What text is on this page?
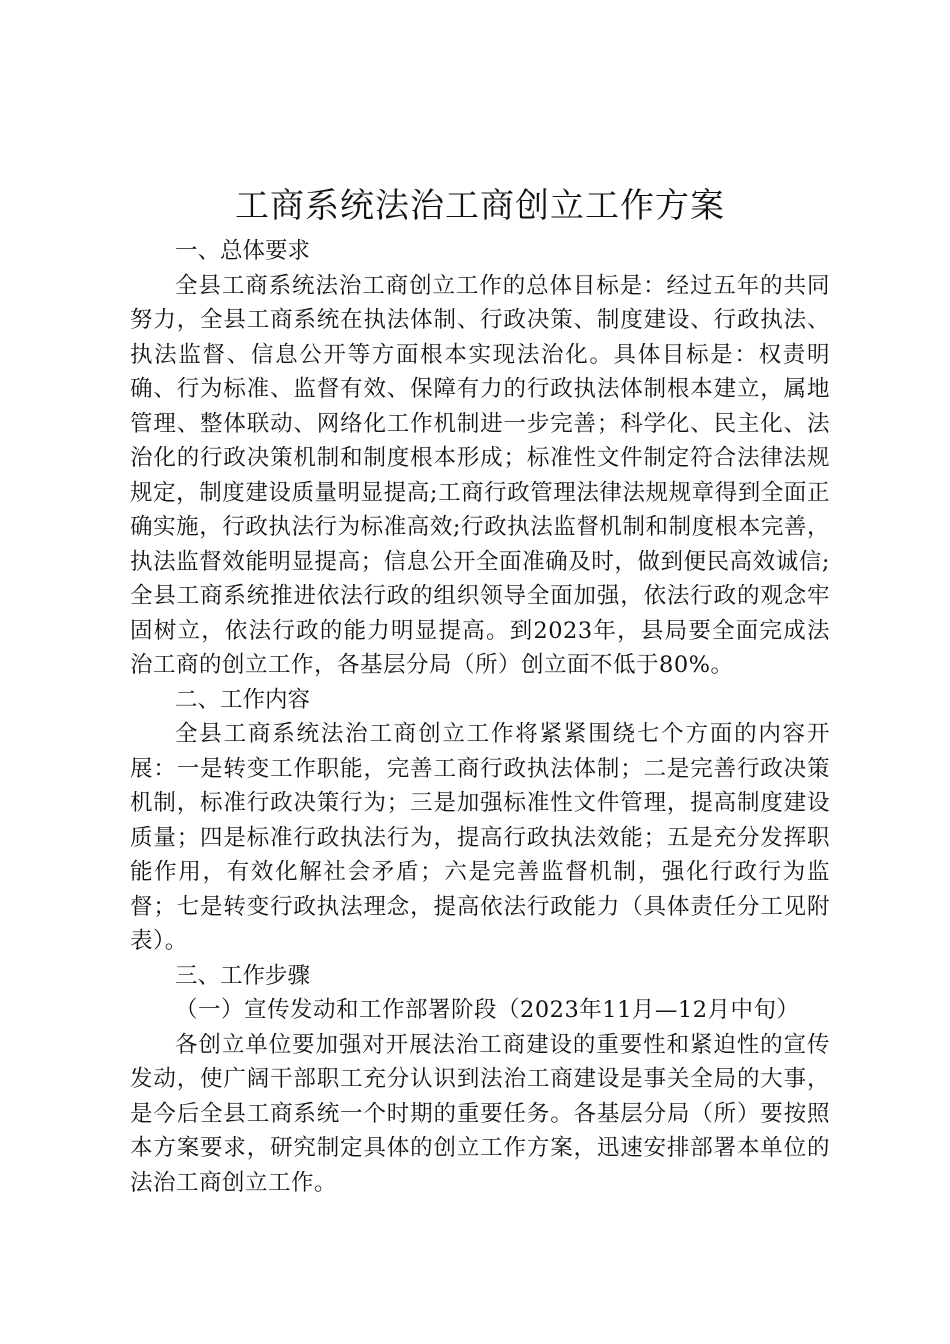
工商系统法治工商创立工作方案

一、总体要求

全县工商系统法治工商创立工作的总体目标是：经过五年的共同努力，全县工商系统在执法体制、行政决策、制度建设、行政执法、执法监督、信息公开等方面根本实现法治化。具体目标是：权责明确、行为标准、监督有效、保障有力的行政执法体制根本建立，属地管理、整体联动、网络化工作机制进一步完善；科学化、民主化、法治化的行政决策机制和制度根本形成；标准性文件制定符合法律法规规定，制度建设质量明显提高;工商行政管理法律法规规章得到全面正确实施，行政执法行为标准高效;行政执法监督机制和制度根本完善，执法监督效能明显提高；信息公开全面准确及时，做到便民高效诚信;全县工商系统推进依法行政的组织领导全面加强，依法行政的观念牢固树立，依法行政的能力明显提高。到2023年，县局要全面完成法治工商的创立工作，各基层分局（所）创立面不低于80%。

二、工作内容

全县工商系统法治工商创立工作将紧紧围绕七个方面的内容开展：一是转变工作职能，完善工商行政执法体制；二是完善行政决策机制，标准行政决策行为；三是加强标准性文件管理，提高制度建设质量；四是标准行政执法行为，提高行政执法效能；五是充分发挥职能作用，有效化解社会矛盾；六是完善监督机制，强化行政行为监督；七是转变行政执法理念，提高依法行政能力（具体责任分工见附表）。

三、工作步骤

（一）宣传发动和工作部署阶段（2023年11月—12月中旬）

各创立单位要加强对开展法治工商建设的重要性和紧迫性的宣传发动，使广阔干部职工充分认识到法治工商建设是事关全局的大事，是今后全县工商系统一个时期的重要任务。各基层分局（所）要按照本方案要求，研究制定具体的创立工作方案，迅速安排部署本单位的法治工商创立工作。
